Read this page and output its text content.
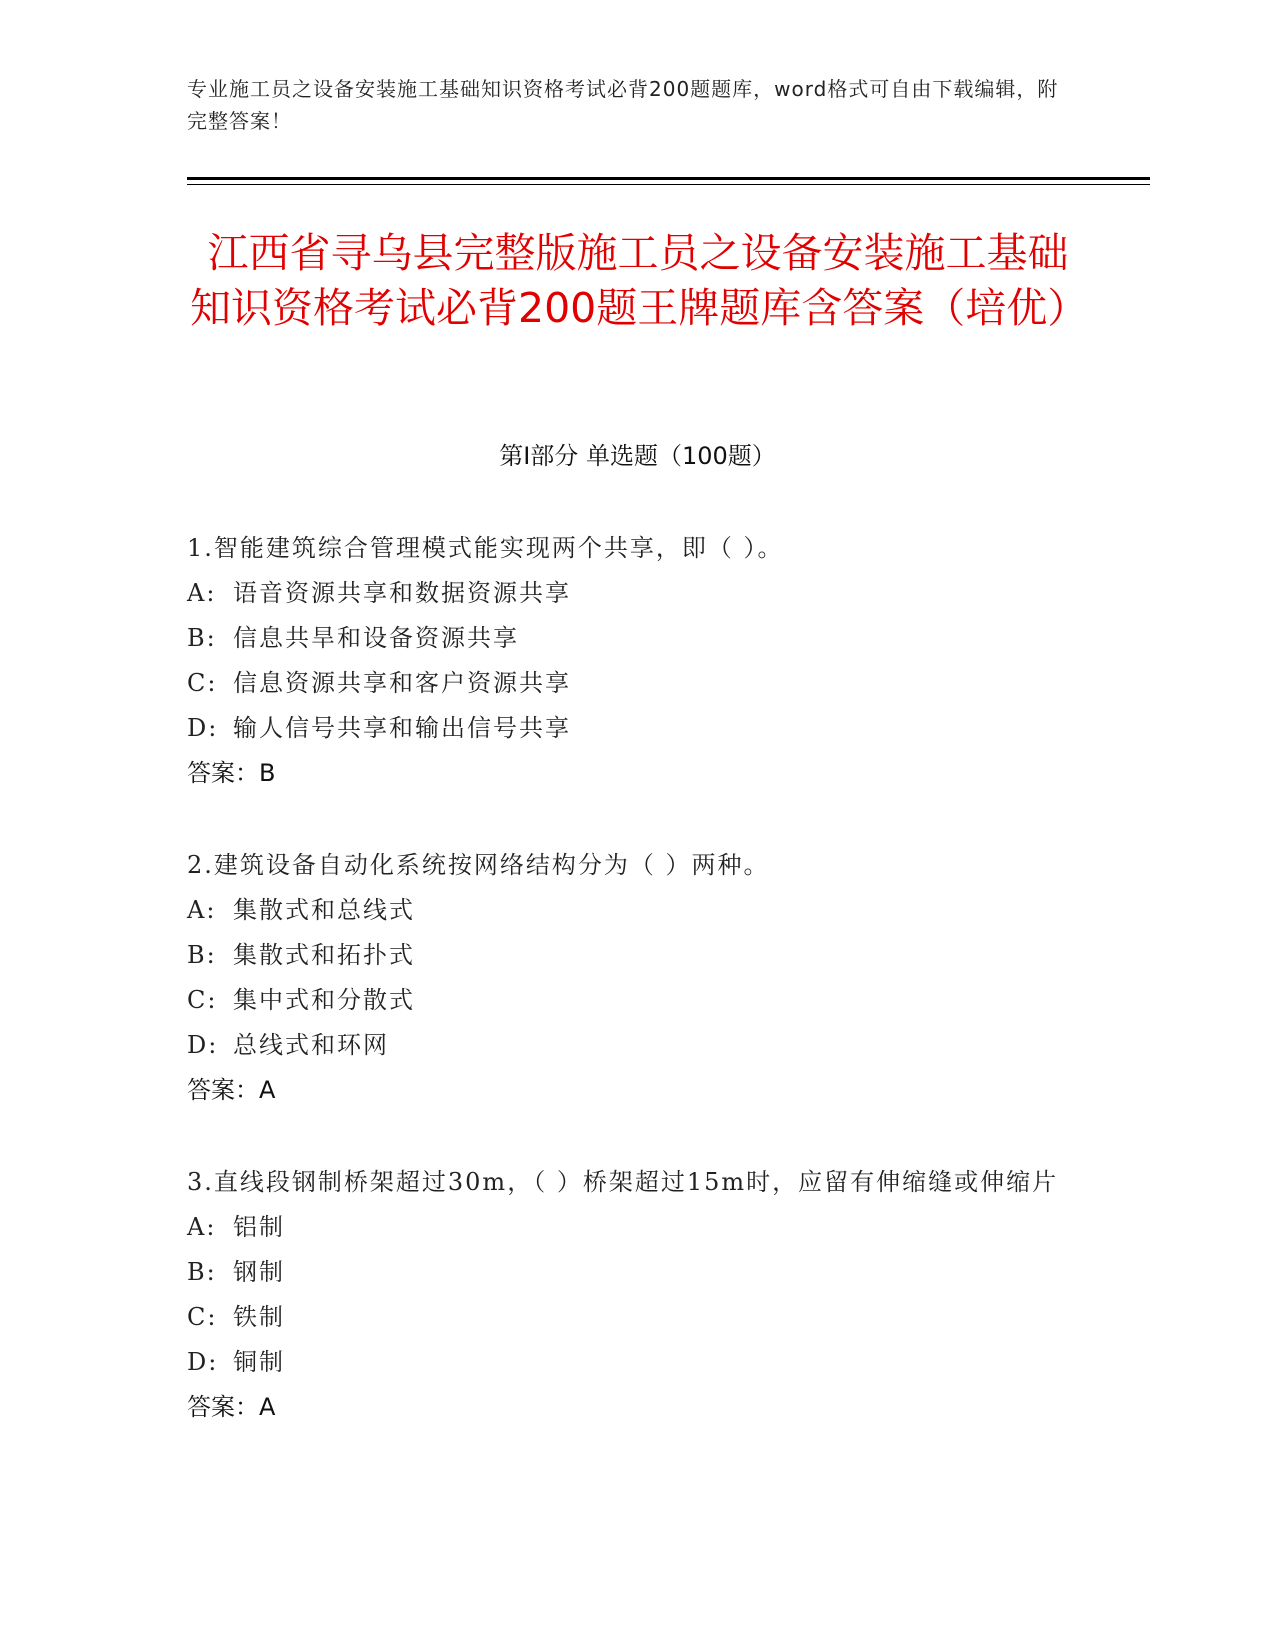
专业施工员之设备安装施工基础知识资格考试必背200题题库，word格式可自由下载编辑，附完整答案！
江西省寻乌县完整版施工员之设备安装施工基础知识资格考试必背200题王牌题库含答案（培优）
第Ⅰ部分 单选题（100题）
1.智能建筑综合管理模式能实现两个共享，即（ ）。
A: 语音资源共享和数据资源共享
B: 信息共旱和设备资源共享
C: 信息资源共享和客户资源共享
D: 输人信号共享和输出信号共享
答案：B
2.建筑设备自动化系统按网络结构分为（ ）两种。
A: 集散式和总线式
B: 集散式和拓扑式
C: 集中式和分散式
D: 总线式和环网
答案：A
3.直线段钢制桥架超过30m，（ ）桥架超过15m时，应留有伸缩缝或伸缩片
A: 铝制
B: 钢制
C: 铁制
D: 铜制
答案：A
